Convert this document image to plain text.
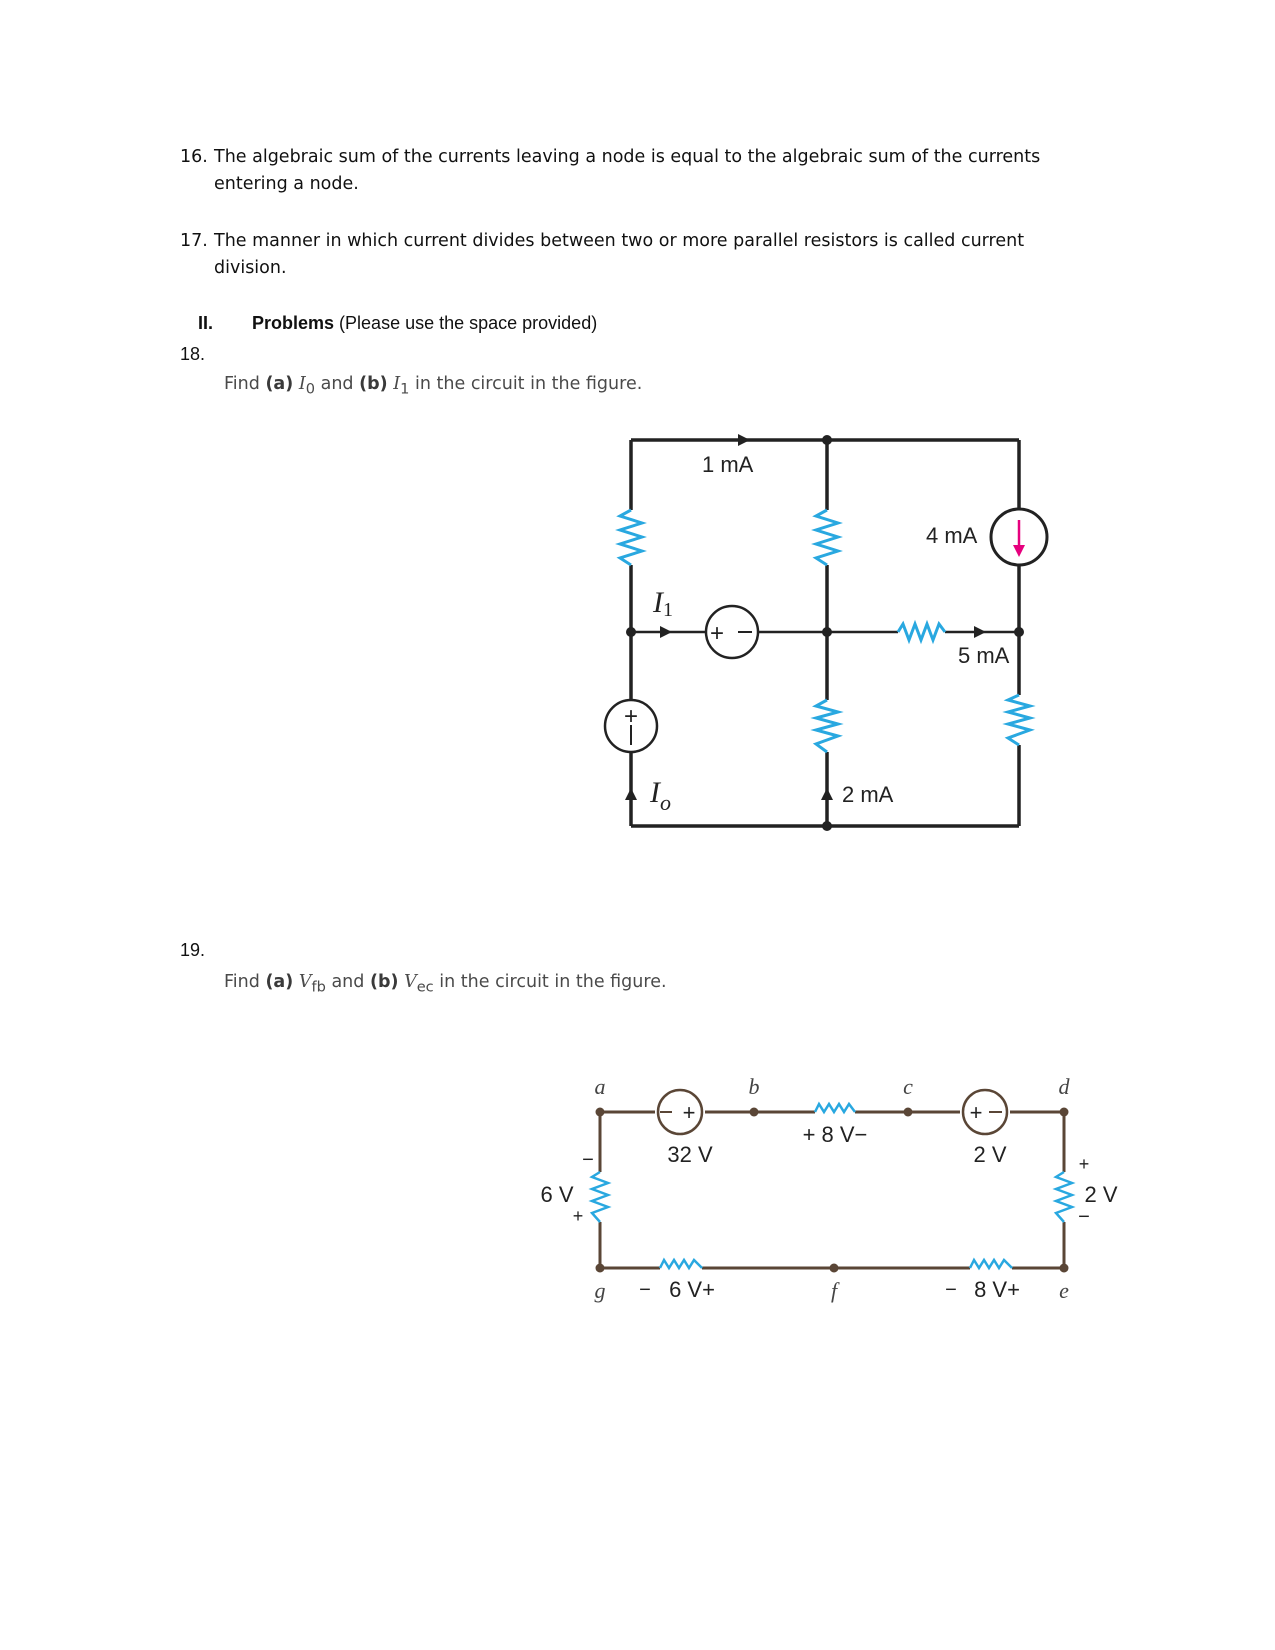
16. The algebraic sum of the currents leaving a node is equal to the algebraic sum of the currents
entering a node.
17. The manner in which current divides between two or more parallel resistors is called current
division.
II. Problems (Please use the space provided)
18.
Find (a) $I_0$ and (b) $I_1$ in the circuit in the figure.
19.
Find (a) $V_{fb}$ and (b) $V_{ec}$ in the circuit in the figure.
+
+
1 mA
4 mA
5 mA
2 mA
I1
$I_o$
+	+
a	b	c	d
e
f
g
32 V
+ 8 V−
2 V
6 V
−
+
2 V
+
−
− 6 V+	− 8 V+
